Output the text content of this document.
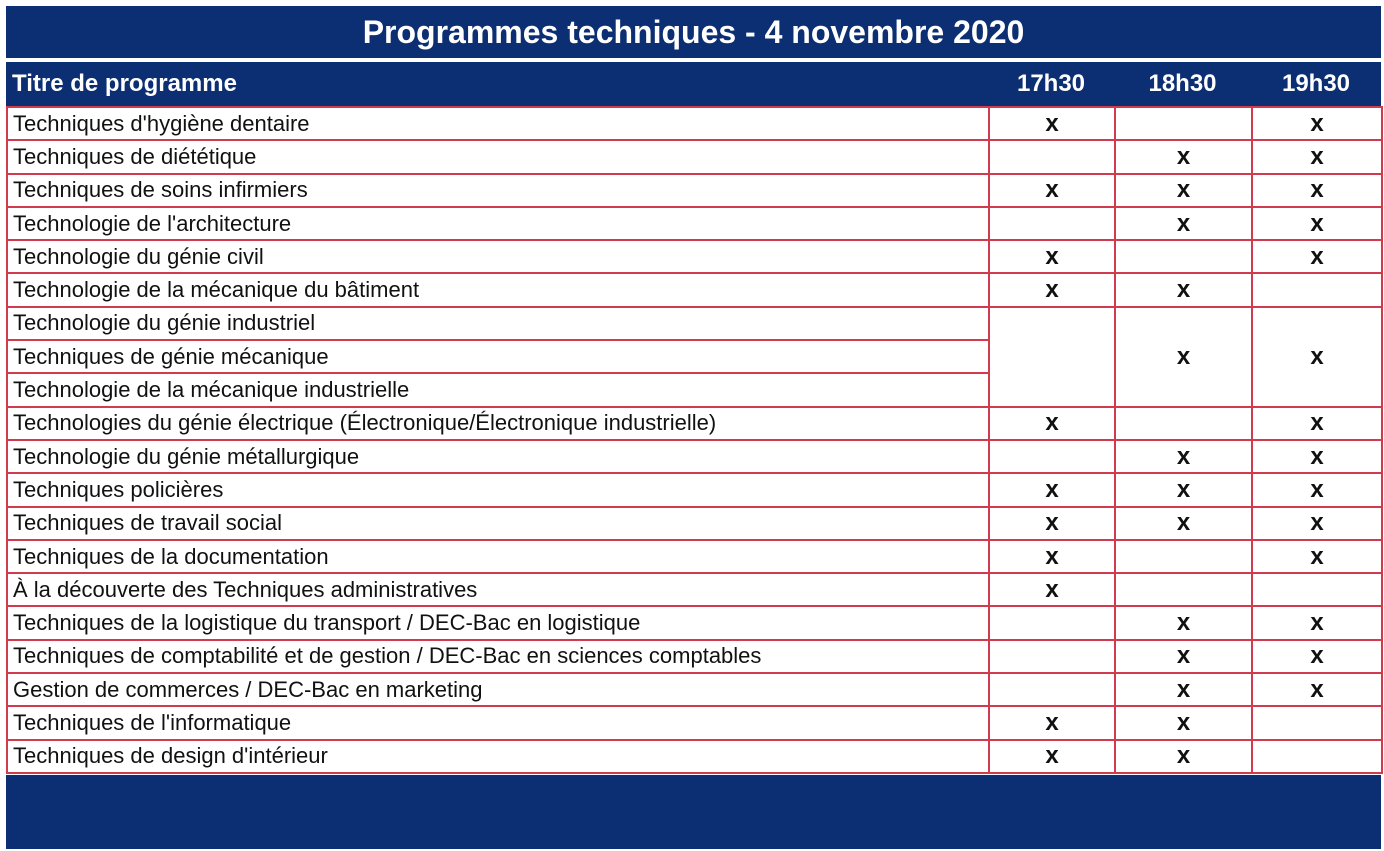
Programmes techniques - 4 novembre 2020
Titre de programme	17h30	18h30	19h30
Techniques d'hygiène dentaire	x		x
Techniques de diététique		x	x
Techniques de soins infirmiers	x	x	x
Technologie de l'architecture		x	x
Technologie du génie civil	x		x
Technologie de la mécanique du bâtiment	x	x	
Technologie du génie industriel		x	x
Techniques de génie mécanique			
Technologie de la mécanique industrielle			
Technologies du génie électrique (Électronique/Électronique industrielle)	x		x
Technologie du génie métallurgique		x	x
Techniques policières	x	x	x
Techniques de travail social	x	x	x
Techniques de la documentation	x		x
À la découverte des Techniques administratives	x		
Techniques de la logistique du transport / DEC-Bac en logistique		x	x
Techniques de comptabilité et de gestion / DEC-Bac en sciences comptables		x	x
Gestion de commerces / DEC-Bac en marketing		x	x
Techniques de l'informatique	x	x	
Techniques de design d'intérieur	x	x	
